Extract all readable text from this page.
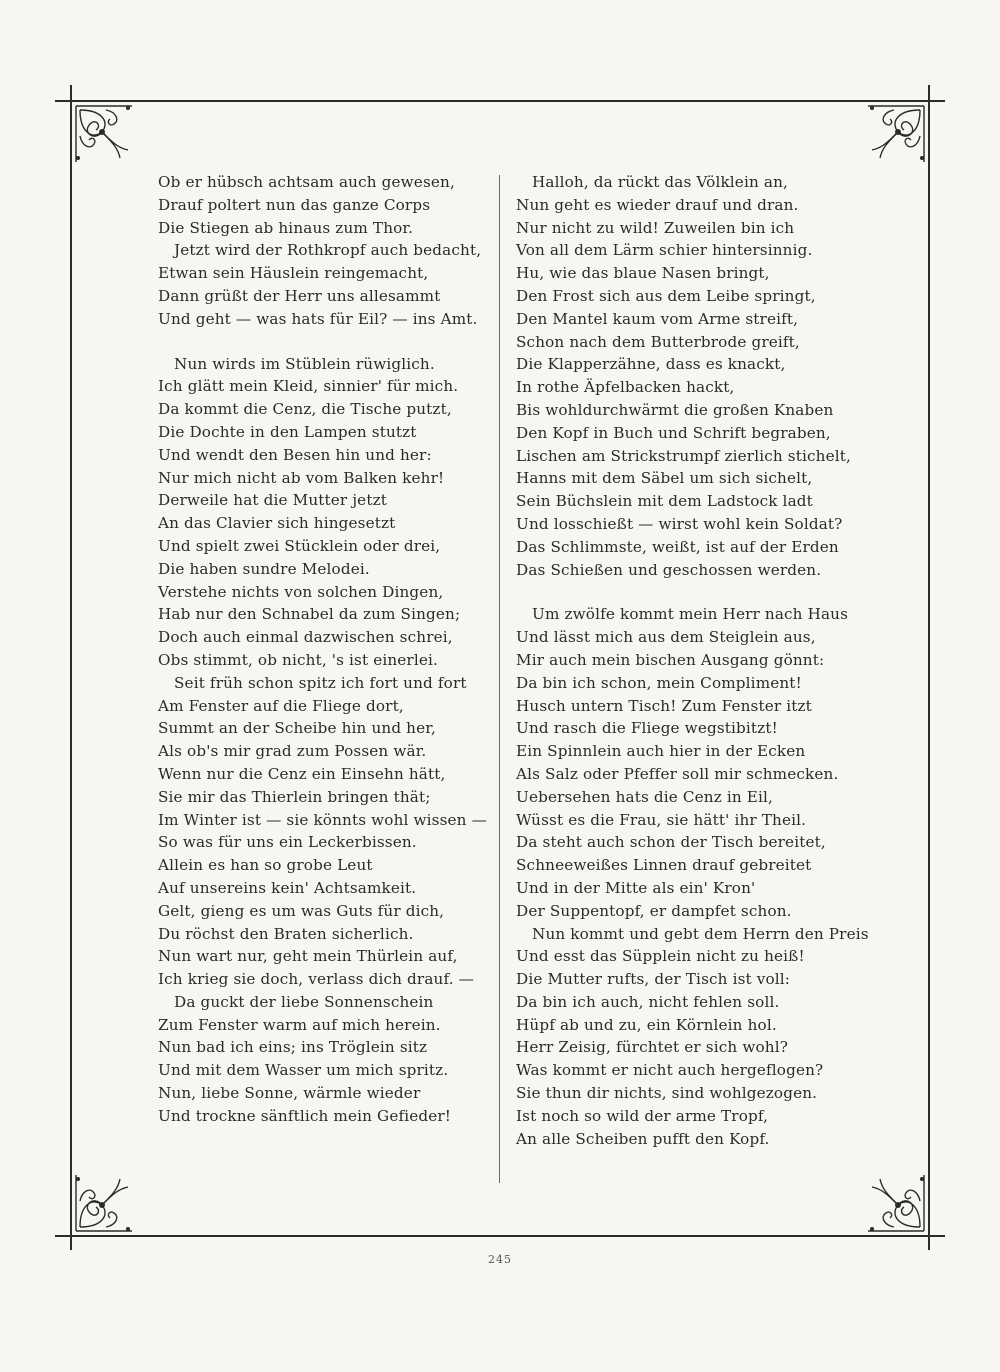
Ob er hübsch achtsam auch gewesen,
Drauf poltert nun das ganze Corps
Die Stiegen ab hinaus zum Thor.
Jetzt wird der Rothkropf auch bedacht,
Etwan sein Häuslein reingemacht,
Dann grüßt der Herr uns allesammt
Und geht — was hats für Eil? — ins Amt.
Nun wirds im Stüblein rüwiglich.
Ich glätt mein Kleid, sinnier' für mich.
Da kommt die Cenz, die Tische putzt,
Die Dochte in den Lampen stutzt
Und wendt den Besen hin und her:
Nur mich nicht ab vom Balken kehr!
Derweile hat die Mutter jetzt
An das Clavier sich hingesetzt
Und spielt zwei Stücklein oder drei,
Die haben sundre Melodei.
Verstehe nichts von solchen Dingen,
Hab nur den Schnabel da zum Singen;
Doch auch einmal dazwischen schrei,
Obs stimmt, ob nicht, 's ist einerlei.
Seit früh schon spitz ich fort und fort
Am Fenster auf die Fliege dort,
Summt an der Scheibe hin und her,
Als ob's mir grad zum Possen wär.
Wenn nur die Cenz ein Einsehn hätt,
Sie mir das Thierlein bringen thät;
Im Winter ist — sie könnts wohl wissen —
So was für uns ein Leckerbissen.
Allein es han so grobe Leut
Auf unsereins kein' Achtsamkeit.
Gelt, gieng es um was Guts für dich,
Du röchst den Braten sicherlich.
Nun wart nur, geht mein Thürlein auf,
Ich krieg sie doch, verlass dich drauf. —
Da guckt der liebe Sonnenschein
Zum Fenster warm auf mich herein.
Nun bad ich eins; ins Tröglein sitz
Und mit dem Wasser um mich spritz.
Nun, liebe Sonne, wärmle wieder
Und trockne sänftlich mein Gefieder!
Halloh, da rückt das Völklein an,
Nun geht es wieder drauf und dran.
Nur nicht zu wild! Zuweilen bin ich
Von all dem Lärm schier hintersinnig.
Hu, wie das blaue Nasen bringt,
Den Frost sich aus dem Leibe springt,
Den Mantel kaum vom Arme streift,
Schon nach dem Butterbrode greift,
Die Klapperzähne, dass es knackt,
In rothe Äpfelbacken hackt,
Bis wohldurchwärmt die großen Knaben
Den Kopf in Buch und Schrift begraben,
Lischen am Strickstrumpf zierlich stichelt,
Hanns mit dem Säbel um sich sichelt,
Sein Büchslein mit dem Ladstock ladt
Und losschießt — wirst wohl kein Soldat?
Das Schlimmste, weißt, ist auf der Erden
Das Schießen und geschossen werden.
Um zwölfe kommt mein Herr nach Haus
Und lässt mich aus dem Steiglein aus,
Mir auch mein bischen Ausgang gönnt:
Da bin ich schon, mein Compliment!
Husch untern Tisch! Zum Fenster itzt
Und rasch die Fliege wegstibitzt!
Ein Spinnlein auch hier in der Ecken
Als Salz oder Pfeffer soll mir schmecken.
Uebersehen hats die Cenz in Eil,
Wüsst es die Frau, sie hätt' ihr Theil.
Da steht auch schon der Tisch bereitet,
Schneeweißes Linnen drauf gebreitet
Und in der Mitte als ein' Kron'
Der Suppentopf, er dampfet schon.
Nun kommt und gebt dem Herrn den Preis
Und esst das Süpplein nicht zu heiß!
Die Mutter rufts, der Tisch ist voll:
Da bin ich auch, nicht fehlen soll.
Hüpf ab und zu, ein Körnlein hol.
Herr Zeisig, fürchtet er sich wohl?
Was kommt er nicht auch hergeflogen?
Sie thun dir nichts, sind wohlgezogen.
Ist noch so wild der arme Tropf,
An alle Scheiben pufft den Kopf.
245
